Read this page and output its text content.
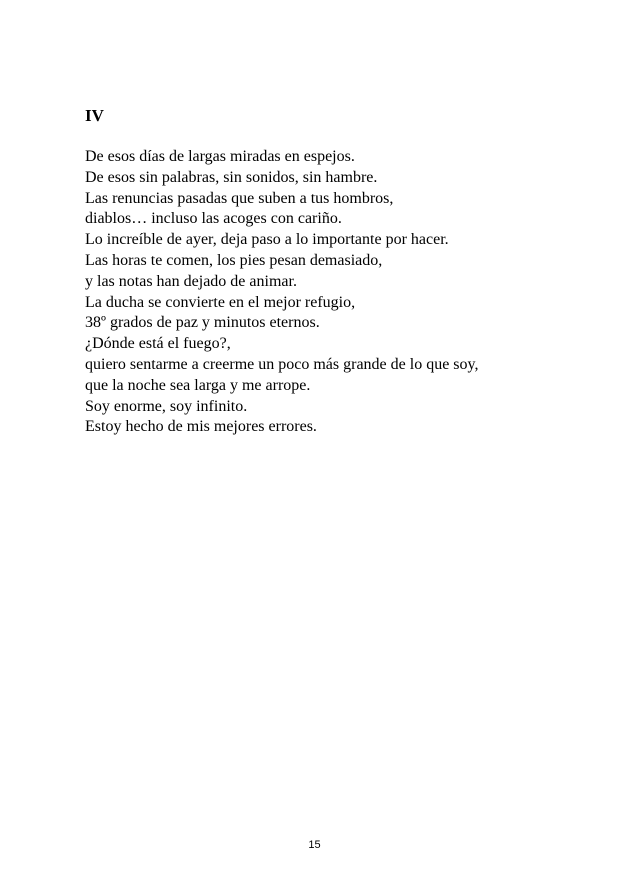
IV
De esos días de largas miradas en espejos.
De esos sin palabras, sin sonidos, sin hambre.
Las renuncias pasadas que suben a tus hombros,
diablos… incluso las acoges con cariño.
Lo increíble de ayer, deja paso a lo importante por hacer.
Las horas te comen, los pies pesan demasiado,
y las notas han dejado de animar.
La ducha se convierte en el mejor refugio,
38º grados de paz y minutos eternos.
¿Dónde está el fuego?,
quiero sentarme a creerme un poco más grande de lo que soy,
que la noche sea larga y me arrope.
Soy enorme, soy infinito.
Estoy hecho de mis mejores errores.
15
